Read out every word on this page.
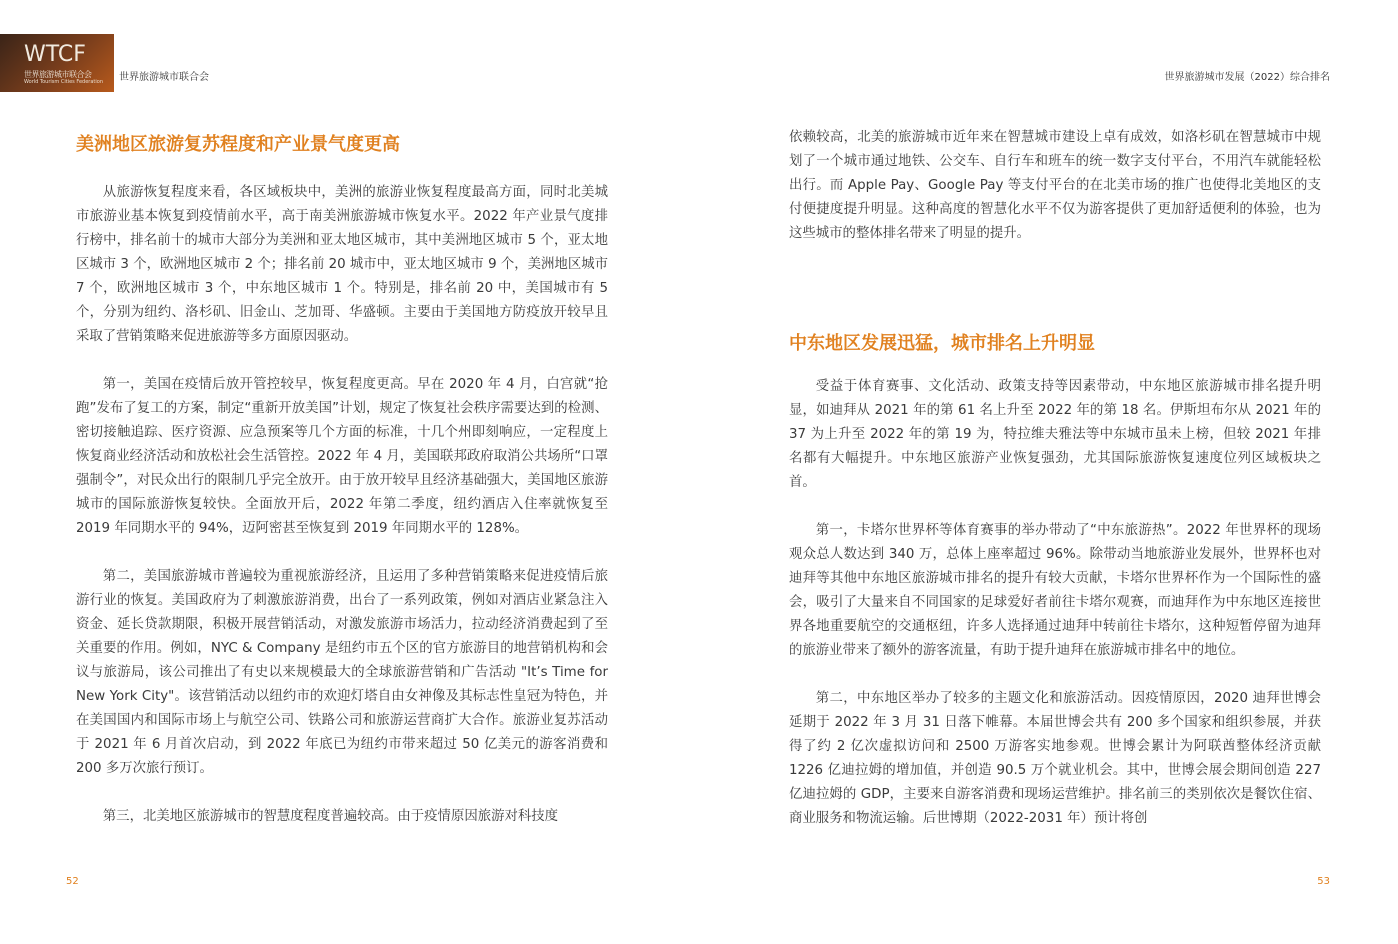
WTCF
世界旅游城市联合会
World Tourism Cities Federation 世界旅游城市联合会	世界旅游城市发展（2022）综合排名
美洲地区旅游复苏程度和产业景气度更高

从旅游恢复程度来看，各区域板块中，美洲的旅游业恢复程度最高方面，同时北美城市旅游业基本恢复到疫情前水平，高于南美洲旅游城市恢复水平。2022 年产业景气度排行榜中，排名前十的城市大部分为美洲和亚太地区城市，其中美洲地区城市 5 个，亚太地区城市 3 个，欧洲地区城市 2 个；排名前 20 城市中，亚太地区城市 9 个，美洲地区城市 7 个，欧洲地区城市 3 个，中东地区城市 1 个。特别是，排名前 20 中，美国城市有 5 个，分别为纽约、洛杉矶、旧金山、芝加哥、华盛顿。主要由于美国地方防疫放开较早且采取了营销策略来促进旅游等多方面原因驱动。

第一，美国在疫情后放开管控较早，恢复程度更高。早在 2020 年 4 月，白宫就“抢跑”发布了复工的方案，制定“重新开放美国”计划，规定了恢复社会秩序需要达到的检测、密切接触追踪、医疗资源、应急预案等几个方面的标准，十几个州即刻响应，一定程度上恢复商业经济活动和放松社会生活管控。2022 年 4 月，美国联邦政府取消公共场所“口罩强制令”，对民众出行的限制几乎完全放开。由于放开较早且经济基础强大，美国地区旅游城市的国际旅游恢复较快。全面放开后，2022 年第二季度，纽约酒店入住率就恢复至 2019 年同期水平的 94%，迈阿密甚至恢复到 2019 年同期水平的 128%。

第二，美国旅游城市普遍较为重视旅游经济，且运用了多种营销策略来促进疫情后旅游行业的恢复。美国政府为了刺激旅游消费，出台了一系列政策，例如对酒店业紧急注入资金、延长贷款期限，积极开展营销活动，对激发旅游市场活力，拉动经济消费起到了至关重要的作用。例如，NYC & Company 是纽约市五个区的官方旅游目的地营销机构和会议与旅游局，该公司推出了有史以来规模最大的全球旅游营销和广告活动 "It’s Time for New York City"。该营销活动以纽约市的欢迎灯塔自由女神像及其标志性皇冠为特色，并在美国国内和国际市场上与航空公司、铁路公司和旅游运营商扩大合作。旅游业复苏活动于 2021 年 6 月首次启动，到 2022 年底已为纽约市带来超过 50 亿美元的游客消费和 200 多万次旅行预订。

第三，北美地区旅游城市的智慧度程度普遍较高。由于疫情原因旅游对科技度

依赖较高，北美的旅游城市近年来在智慧城市建设上卓有成效，如洛杉矶在智慧城市中规划了一个城市通过地铁、公交车、自行车和班车的统一数字支付平台，不用汽车就能轻松出行。而 Apple Pay、Google Pay 等支付平台的在北美市场的推广也使得北美地区的支付便捷度提升明显。这种高度的智慧化水平不仅为游客提供了更加舒适便利的体验，也为这些城市的整体排名带来了明显的提升。

中东地区发展迅猛，城市排名上升明显

受益于体育赛事、文化活动、政策支持等因素带动，中东地区旅游城市排名提升明显，如迪拜从 2021 年的第 61 名上升至 2022 年的第 18 名。伊斯坦布尔从 2021 年的 37 为上升至 2022 年的第 19 为，特拉维夫雅法等中东城市虽未上榜，但较 2021 年排名都有大幅提升。中东地区旅游产业恢复强劲，尤其国际旅游恢复速度位列区域板块之首。

第一，卡塔尔世界杯等体育赛事的举办带动了“中东旅游热”。2022 年世界杯的现场观众总人数达到 340 万，总体上座率超过 96%。除带动当地旅游业发展外，世界杯也对迪拜等其他中东地区旅游城市排名的提升有较大贡献，卡塔尔世界杯作为一个国际性的盛会，吸引了大量来自不同国家的足球爱好者前往卡塔尔观赛，而迪拜作为中东地区连接世界各地重要航空的交通枢纽，许多人选择通过迪拜中转前往卡塔尔，这种短暂停留为迪拜的旅游业带来了额外的游客流量，有助于提升迪拜在旅游城市排名中的地位。

第二，中东地区举办了较多的主题文化和旅游活动。因疫情原因，2020 迪拜世博会延期于 2022 年 3 月 31 日落下帷幕。本届世博会共有 200 多个国家和组织参展，并获得了约 2 亿次虚拟访问和 2500 万游客实地参观。世博会累计为阿联酋整体经济贡献 1226 亿迪拉姆的增加值，并创造 90.5 万个就业机会。其中，世博会展会期间创造 227 亿迪拉姆的 GDP，主要来自游客消费和现场运营维护。排名前三的类别依次是餐饮住宿、商业服务和物流运输。后世博期（2022-2031 年）预计将创

52	53
